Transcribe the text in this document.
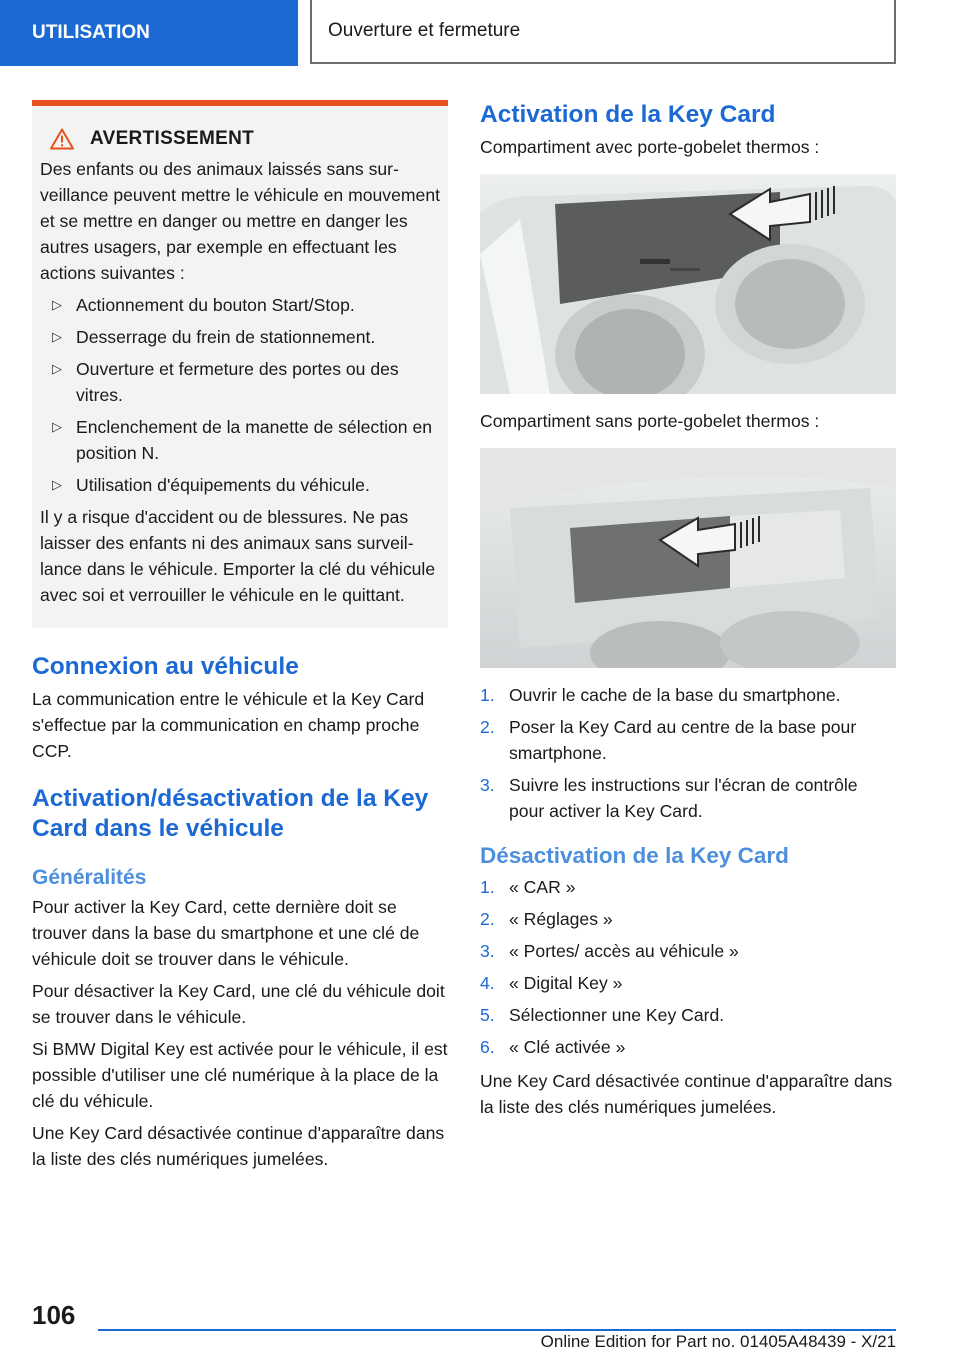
UTILISATION	Ouverture et fermeture
AVERTISSEMENT

Des enfants ou des animaux laissés sans surveillance peuvent mettre le véhicule en mouvement et se mettre en danger ou mettre en danger les autres usagers, par exemple en effectuant les actions suivantes :

▷ Actionnement du bouton Start/Stop.
▷ Desserrage du frein de stationnement.
▷ Ouverture et fermeture des portes ou des vitres.
▷ Enclenchement de la manette de sélection en position N.
▷ Utilisation d'équipements du véhicule.

Il y a risque d'accident ou de blessures. Ne pas laisser des enfants ni des animaux sans surveillance dans le véhicule. Emporter la clé du véhicule avec soi et verrouiller le véhicule en le quittant.

Connexion au véhicule

La communication entre le véhicule et la Key Card s'effectue par la communication en champ proche CCP.

Activation/désactivation de la Key Card dans le véhicule
Généralités

Pour activer la Key Card, cette dernière doit se trouver dans la base du smartphone et une clé de véhicule doit se trouver dans le véhicule.

Pour désactiver la Key Card, une clé du véhicule doit se trouver dans le véhicule.

Si BMW Digital Key est activée pour le véhicule, il est possible d'utiliser une clé numérique à la place de la clé du véhicule.

Une Key Card désactivée continue d'apparaître dans la liste des clés numériques jumelées.

Activation de la Key Card

Compartiment avec porte-gobelet thermos :

Compartiment sans porte-gobelet thermos :

1. Ouvrir le cache de la base du smartphone.
2. Poser la Key Card au centre de la base pour smartphone.
3. Suivre les instructions sur l'écran de contrôle pour activer la Key Card.
Désactivation de la Key Card
1. « CAR »
2. « Réglages »
3. « Portes/ accès au véhicule »
4. « Digital Key »
5. Sélectionner une Key Card.
6. « Clé activée »

Une Key Card désactivée continue d'apparaître dans la liste des clés numériques jumelées.

106
Online Edition for Part no. 01405A48439 - X/21
